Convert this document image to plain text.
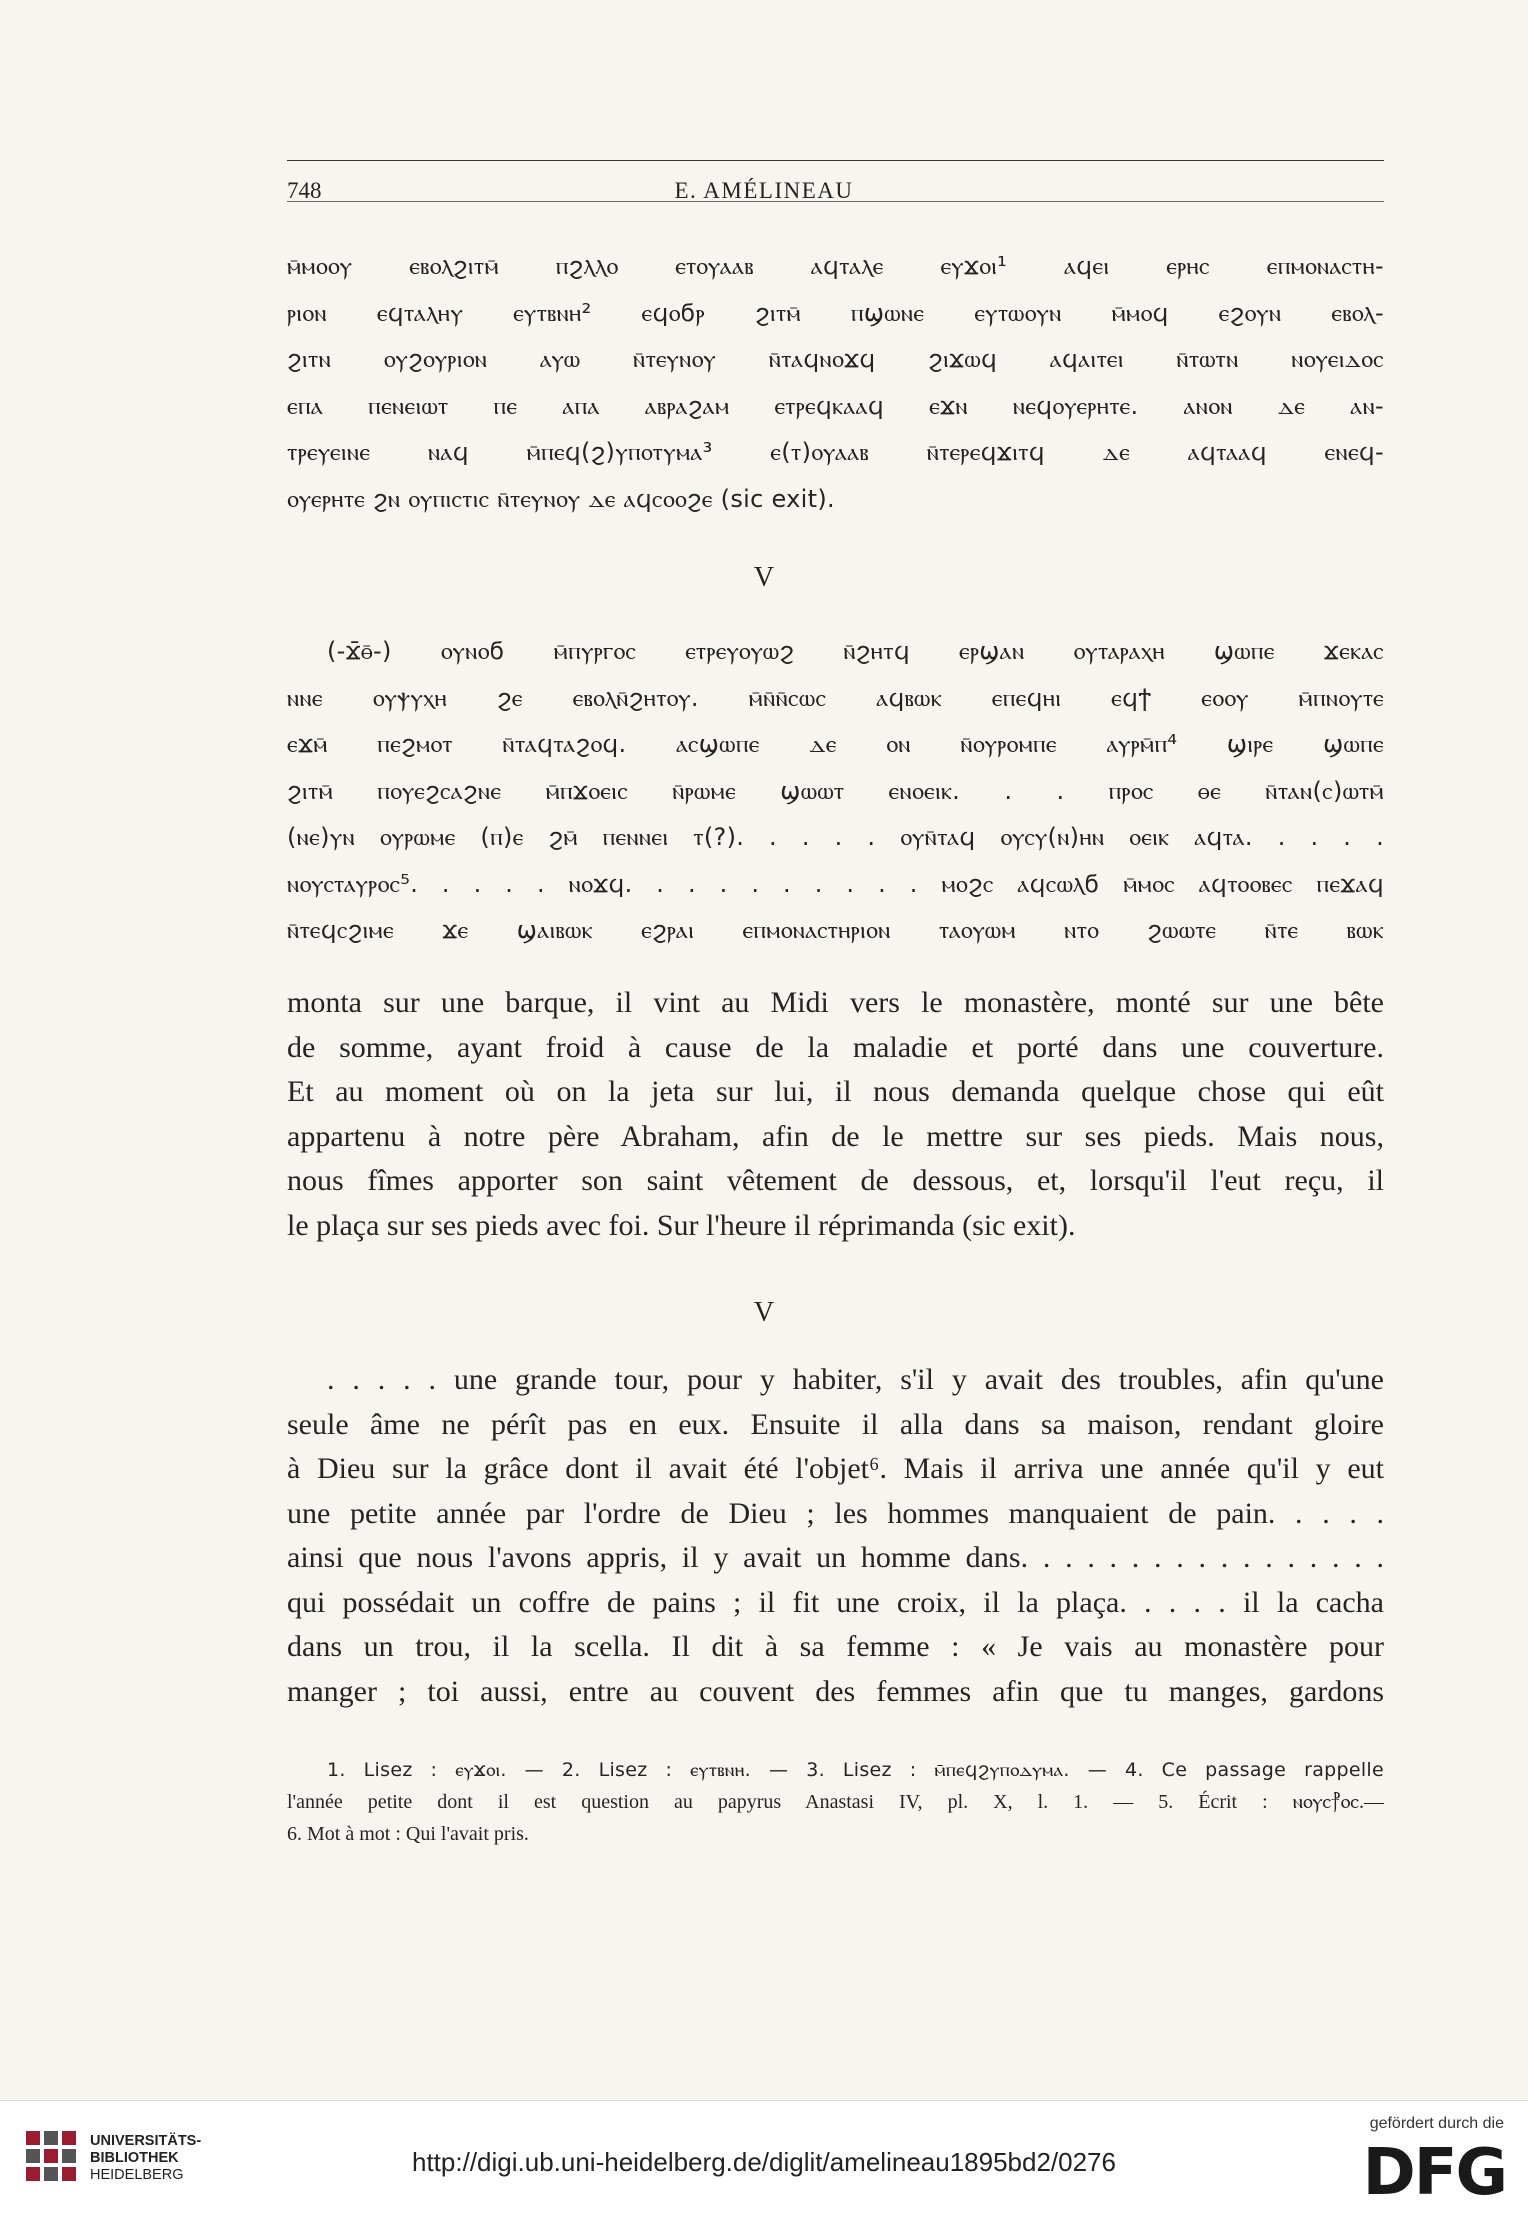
748	E. AMÉLINEAU
ⲙ̄ⲙⲟⲟⲩ ⲉⲃⲟⲗϩⲓⲧⲙ̄ ⲡϩⲗⲗⲟ ⲉⲧⲟⲩⲁⲁⲃ ⲁϥⲧⲁⲗⲉ ⲉⲩϫⲟⲓ¹ ⲁϥⲉⲓ ⲉⲣⲏⲥ ⲉⲡⲙⲟⲛⲁⲥⲧⲏ-
ⲣⲓⲟⲛ ⲉϥⲧⲁⲗⲏⲩ ⲉⲩⲧⲃⲛⲏ² ⲉϥⲟϭⲣ ϩⲓⲧⲙ̄ ⲡϣⲱⲛⲉ ⲉⲩⲧⲱⲟⲩⲛ ⲙ̄ⲙⲟϥ ⲉϩⲟⲩⲛ ⲉⲃⲟⲗ-
ϩⲓⲧⲛ ⲟⲩϩⲟⲩⲣⲓⲟⲛ ⲁⲩⲱ ⲛ̄ⲧⲉⲩⲛⲟⲩ ⲛ̄ⲧⲁϥⲛⲟϫϥ ϩⲓϫⲱϥ ⲁϥⲁⲓⲧⲉⲓ ⲛ̄ⲧⲱⲧⲛ ⲛⲟⲩⲉⲓⲇⲟⲥ
ⲉⲡⲁ ⲡⲉⲛⲉⲓⲱⲧ ⲡⲉ ⲁⲡⲁ ⲁⲃⲣⲁϩⲁⲙ ⲉⲧⲣⲉϥⲕⲁⲁϥ ⲉϫⲛ ⲛⲉϥⲟⲩⲉⲣⲏⲧⲉ. ⲁⲛⲟⲛ ⲇⲉ ⲁⲛ-
ⲧⲣⲉⲩⲉⲓⲛⲉ ⲛⲁϥ ⲙ̄ⲡⲉϥ(ϩ)ⲩⲡⲟⲧⲩⲙⲁ³ ⲉ(ⲧ)ⲟⲩⲁⲁⲃ ⲛ̄ⲧⲉⲣⲉϥϫⲓⲧϥ ⲇⲉ ⲁϥⲧⲁⲁϥ ⲉⲛⲉϥ-
ⲟⲩⲉⲣⲏⲧⲉ ϩⲛ ⲟⲩⲡⲓⲥⲧⲓⲥ ⲛ̄ⲧⲉⲩⲛⲟⲩ ⲇⲉ ⲁϥⲥⲟⲟϩⲉ (sic exit).
V
(-ϫ̄ⲑ̄-) ⲟⲩⲛⲟϭ ⲙ̄ⲡⲩⲣⲅⲟⲥ ⲉⲧⲣⲉⲩⲟⲩⲱϩ ⲛ̄ϩⲏⲧϥ ⲉⲣϣⲁⲛ ⲟⲩⲧⲁⲣⲁⲭⲏ ϣⲱⲡⲉ ϫⲉⲕⲁⲥ
ⲛⲛⲉ ⲟⲩⲯⲩⲭⲏ ϩⲉ ⲉⲃⲟⲗⲛ̄ϩⲏⲧⲟⲩ. ⲙ̄ⲛ̄ⲛ̄ⲥⲱⲥ ⲁϥⲃⲱⲕ ⲉⲡⲉϥⲏⲓ ⲉϥϯ ⲉⲟⲟⲩ ⲙ̄ⲡⲛⲟⲩⲧⲉ
ⲉϫⲙ̄ ⲡⲉϩⲙⲟⲧ ⲛ̄ⲧⲁϥⲧⲁϩⲟϥ. ⲁⲥϣⲱⲡⲉ ⲇⲉ ⲟⲛ ⲛ̄ⲟⲩⲣⲟⲙⲡⲉ ⲁⲩⲣⲙ̄ⲡ⁴ ϣⲓⲣⲉ ϣⲱⲡⲉ
ϩⲓⲧⲙ̄ ⲡⲟⲩⲉϩⲥⲁϩⲛⲉ ⲙ̄ⲡϫⲟⲉⲓⲥ ⲛ̄ⲣⲱⲙⲉ ϣⲱⲱⲧ ⲉⲛⲟⲉⲓⲕ. . . ⲡⲣⲟⲥ ⲑⲉ ⲛ̄ⲧⲁⲛ(ⲥ)ⲱⲧⲙ̄
(ⲛⲉ)ⲩⲛ ⲟⲩⲣⲱⲙⲉ (ⲡ)ⲉ ϩⲙ̄ ⲡⲉⲛⲛⲉⲓ ⲧ(?). . . . . ⲟⲩⲛ̄ⲧⲁϥ ⲟⲩⲥⲩ(ⲛ)ⲏⲛ ⲟⲉⲓⲕ ⲁϥⲧⲁ. . . . .
ⲛⲟⲩⲥⲧⲁⲩⲣⲟⲥ⁵. . . . . ⲛⲟϫϥ. . . . . . . . . . ⲙⲟϩⲥ ⲁϥⲥⲱⲗϭ ⲙ̄ⲙⲟⲥ ⲁϥⲧⲟⲟⲃⲉⲥ ⲡⲉϫⲁϥ
ⲛ̄ⲧⲉϥⲥϩⲓⲙⲉ ϫⲉ ϣⲁⲓⲃⲱⲕ ⲉϩⲣⲁⲓ ⲉⲡⲙⲟⲛⲁⲥⲧⲏⲣⲓⲟⲛ ⲧⲁⲟⲩⲱⲙ ⲛⲧⲟ ϩⲱⲱⲧⲉ ⲛ̄ⲧⲉ ⲃⲱⲕ
monta sur une barque, il vint au Midi vers le monastère, monté sur une bête
de somme, ayant froid à cause de la maladie et porté dans une couverture.
Et au moment où on la jeta sur lui, il nous demanda quelque chose qui eût
appartenu à notre père Abraham, afin de le mettre sur ses pieds. Mais nous,
nous fîmes apporter son saint vêtement de dessous, et, lorsqu'il l'eut reçu, il
le plaça sur ses pieds avec foi. Sur l'heure il réprimanda (sic exit).
V
. . . . . une grande tour, pour y habiter, s'il y avait des troubles, afin qu'une
seule âme ne pérît pas en eux. Ensuite il alla dans sa maison, rendant gloire
à Dieu sur la grâce dont il avait été l'objet⁶. Mais il arriva une année qu'il y eut
une petite année par l'ordre de Dieu ; les hommes manquaient de pain. . . . .
ainsi que nous l'avons appris, il y avait un homme dans. . . . . . . . . . . . . . . . .
qui possédait un coffre de pains ; il fit une croix, il la plaça. . . . . il la cacha
dans un trou, il la scella. Il dit à sa femme : « Je vais au monastère pour
manger ; toi aussi, entre au couvent des femmes afin que tu manges, gardons
1. Lisez : ⲉⲩϫⲟⲓ. — 2. Lisez : ⲉⲩⲧⲃⲛⲏ. — 3. Lisez : ⲙ̄ⲡⲉϥϩⲩⲡⲟⲇⲩⲙⲁ. — 4. Ce passage rappelle
l'année petite dont il est question au papyrus Anastasi IV, pl. X, l. 1. — 5. Écrit : ⲛⲟⲩⲥ⳨ⲟⲥ.—
6. Mot à mot : Qui l'avait pris.
UNIVERSITÄTS-
BIBLIOTHEK
HEIDELBERG	http://digi.ub.uni-heidelberg.de/diglit/amelineau1895bd2/0276
gefördert durch die
DFG
